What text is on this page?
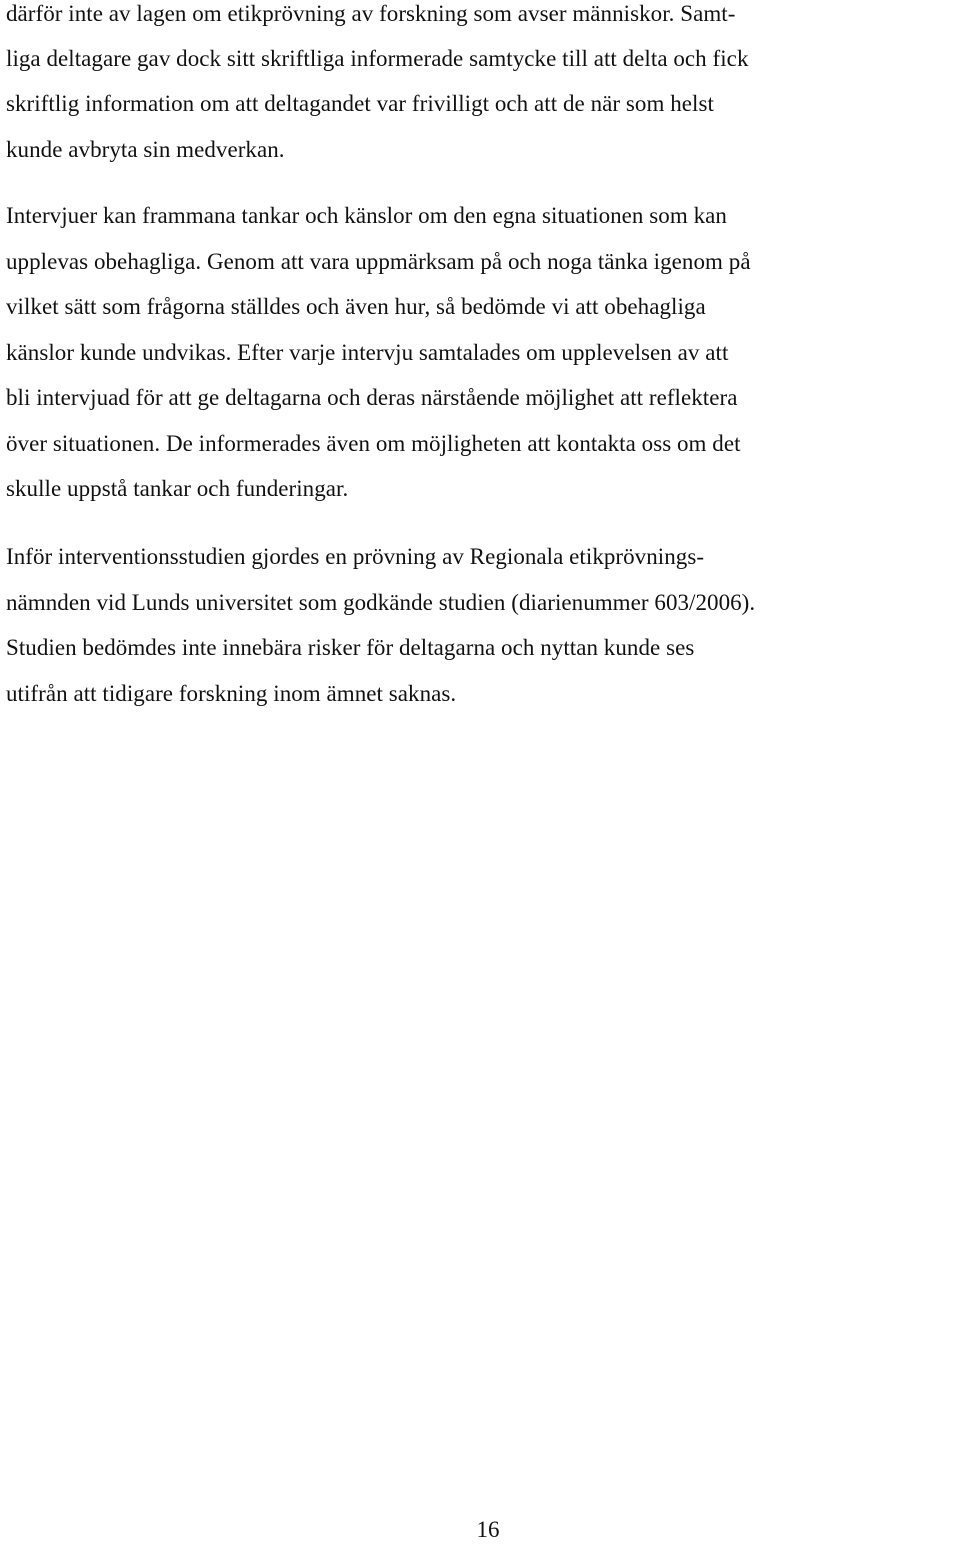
därför inte av lagen om etikprövning av forskning som avser människor. Samt-

liga deltagare gav dock sitt skriftliga informerade samtycke till att delta och fick

skriftlig information om att deltagandet var frivilligt och att de när som helst

kunde avbryta sin medverkan.

Intervjuer kan frammana tankar och känslor om den egna situationen som kan

upplevas obehagliga. Genom att vara uppmärksam på och noga tänka igenom på

vilket sätt som frågorna ställdes och även hur, så bedömde vi att obehagliga

känslor kunde undvikas. Efter varje intervju samtalades om upplevelsen av att

bli intervjuad för att ge deltagarna och deras närstående möjlighet att reflektera

över situationen. De informerades även om möjligheten att kontakta oss om det

skulle uppstå tankar och funderingar.

Inför interventionsstudien gjordes en prövning av Regionala etikprövnings-

nämnden vid Lunds universitet som godkände studien (diarienummer 603/2006).

Studien bedömdes inte innebära risker för deltagarna och nyttan kunde ses

utifrån att tidigare forskning inom ämnet saknas.

16
